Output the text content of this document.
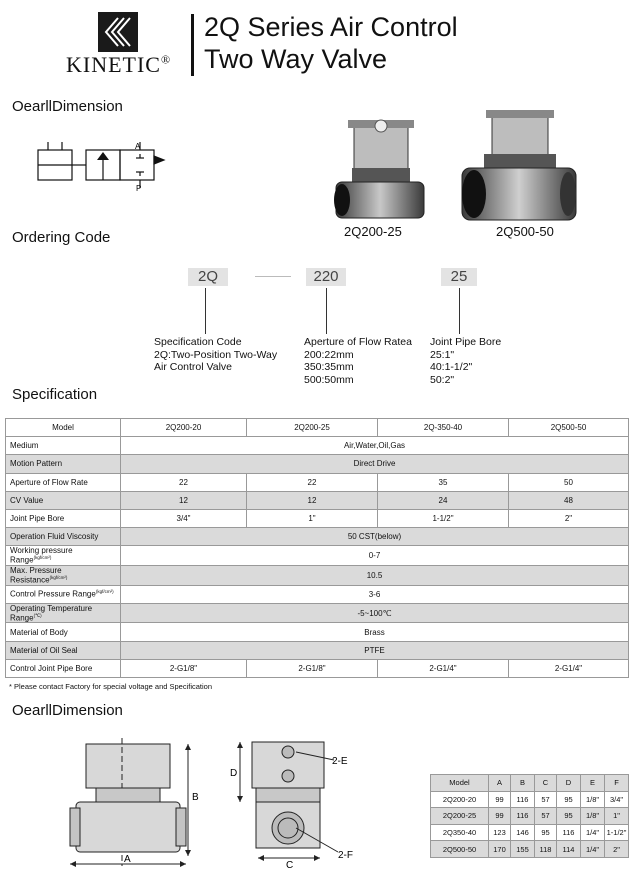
KINETIC®
2Q Series Air Control
Two Way Valve
OearllDimension
Ordering Code
Specification
OearllDimension
A
P
2Q200-25	2Q500-50
2Q	220	25
Specification Code
2Q:Two-Position Two-Way
Air Control Valve
Aperture of Flow Ratea
200:22mm
350:35mm
500:50mm
Joint Pipe Bore
25:1"
40:1-1/2"
50:2"
Model	2Q200-20	2Q200-25	2Q-350-40	2Q500-50
Medium	Air,Water,Oil,Gas			
Motion Pattern	Direct Drive			
Aperture of Flow Rate	22	22	35	50
CV Value	12	12	24	48
Joint Pipe Bore	3/4"	1"	1-1/2"	2"
Operation Fluid Viscosity	50 CST(below)			
Working pressure Range$^{(kgf/cm^2)}$	0-7			
Max. Pressure Resistance$^{(kgf/cm^2)}$	10.5			
Control Pressure Range$^{(kgf/cm^2)}$	3-6			
Operating Temperature Range(℃)	-5~100℃			
Material of Body	Brass			
Material of Oil Seal	PTFE			
Control Joint Pipe Bore	2-G1/8"	2-G1/8"	2-G1/4"	2-G1/4"
* Please contact Factory for special voltage and Specification
B
A
D
C
2-E
2-F
Model	A	B	C	D	E	F
2Q200-20	99	116	57	95	1/8"	3/4"
2Q200-25	99	116	57	95	1/8"	1"
2Q350-40	123	146	95	116	1/4"	1-1/2"
2Q500-50	170	155	118	114	1/4"	2"
